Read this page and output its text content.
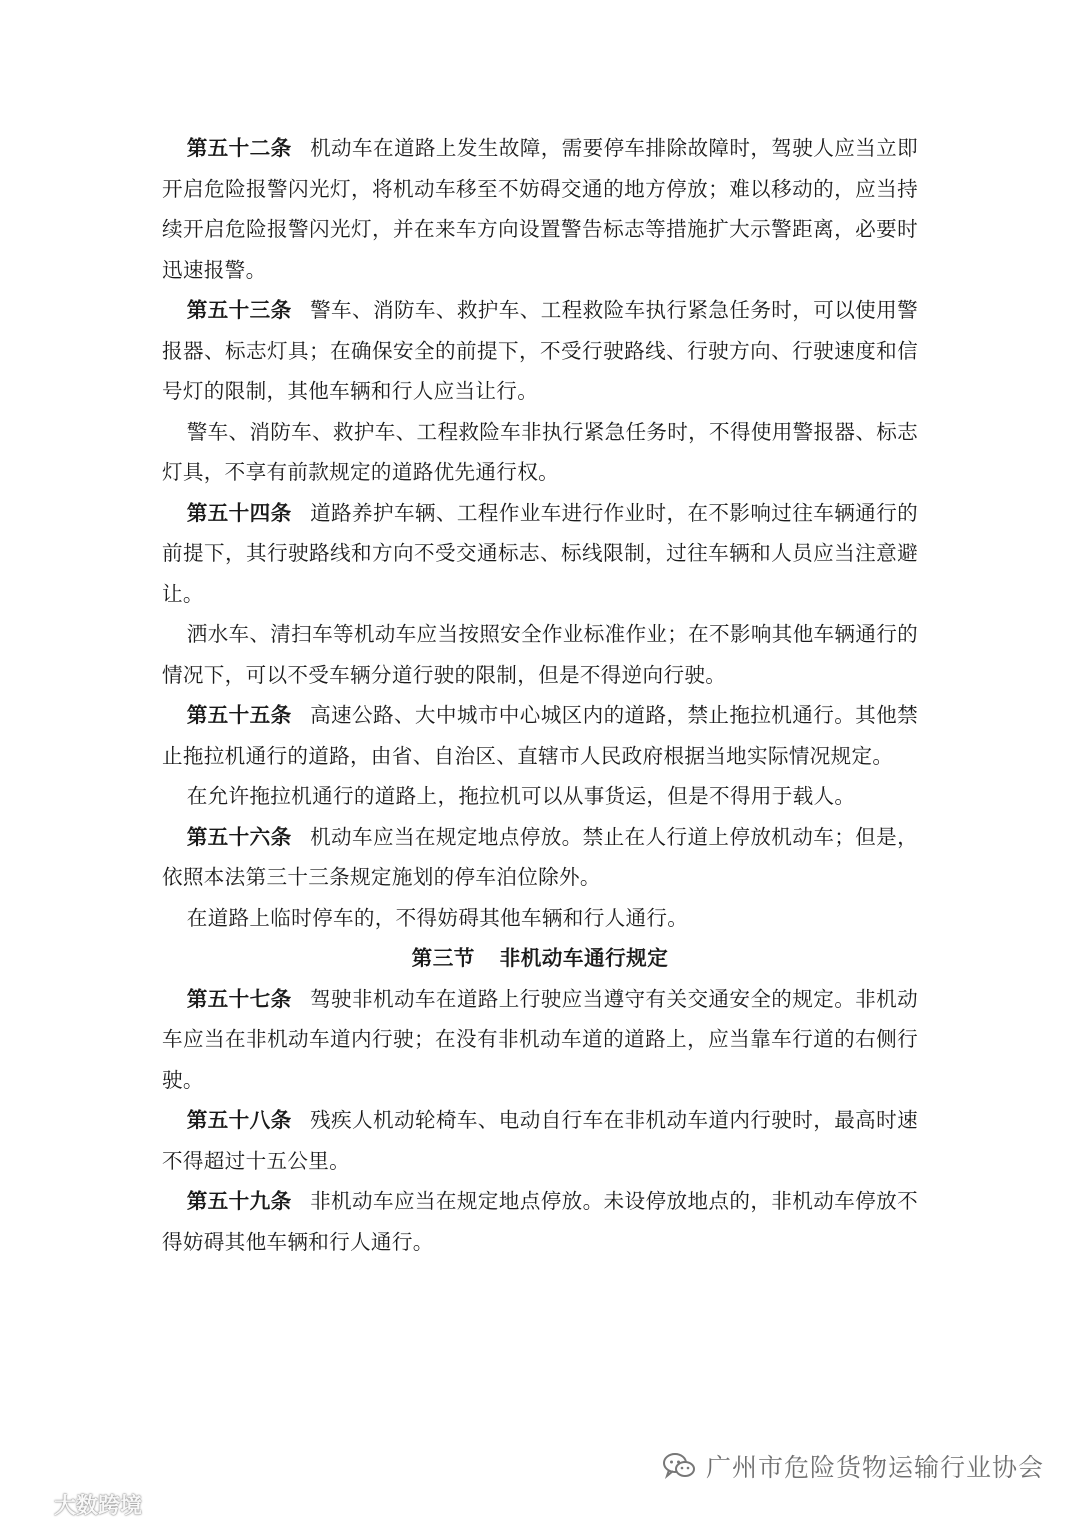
第五十二条 机动车在道路上发生故障，需要停车排除故障时，驾驶人应当立即开启危险报警闪光灯，将机动车移至不妨碍交通的地方停放；难以移动的，应当持续开启危险报警闪光灯，并在来车方向设置警告标志等措施扩大示警距离，必要时迅速报警。

第五十三条 警车、消防车、救护车、工程救险车执行紧急任务时，可以使用警报器、标志灯具；在确保安全的前提下，不受行驶路线、行驶方向、行驶速度和信号灯的限制，其他车辆和行人应当让行。

警车、消防车、救护车、工程救险车非执行紧急任务时，不得使用警报器、标志灯具，不享有前款规定的道路优先通行权。

第五十四条 道路养护车辆、工程作业车进行作业时，在不影响过往车辆通行的前提下，其行驶路线和方向不受交通标志、标线限制，过往车辆和人员应当注意避让。

洒水车、清扫车等机动车应当按照安全作业标准作业；在不影响其他车辆通行的情况下，可以不受车辆分道行驶的限制，但是不得逆向行驶。

第五十五条 高速公路、大中城市中心城区内的道路，禁止拖拉机通行。其他禁止拖拉机通行的道路，由省、自治区、直辖市人民政府根据当地实际情况规定。

在允许拖拉机通行的道路上，拖拉机可以从事货运，但是不得用于载人。

第五十六条 机动车应当在规定地点停放。禁止在人行道上停放机动车；但是，依照本法第三十三条规定施划的停车泊位除外。

在道路上临时停车的，不得妨碍其他车辆和行人通行。

第三节 非机动车通行规定

第五十七条 驾驶非机动车在道路上行驶应当遵守有关交通安全的规定。非机动车应当在非机动车道内行驶；在没有非机动车道的道路上，应当靠车行道的右侧行驶。

第五十八条 残疾人机动轮椅车、电动自行车在非机动车道内行驶时，最高时速不得超过十五公里。

第五十九条 非机动车应当在规定地点停放。未设停放地点的，非机动车停放不得妨碍其他车辆和行人通行。

广州市危险货物运输行业协会
大数跨境
